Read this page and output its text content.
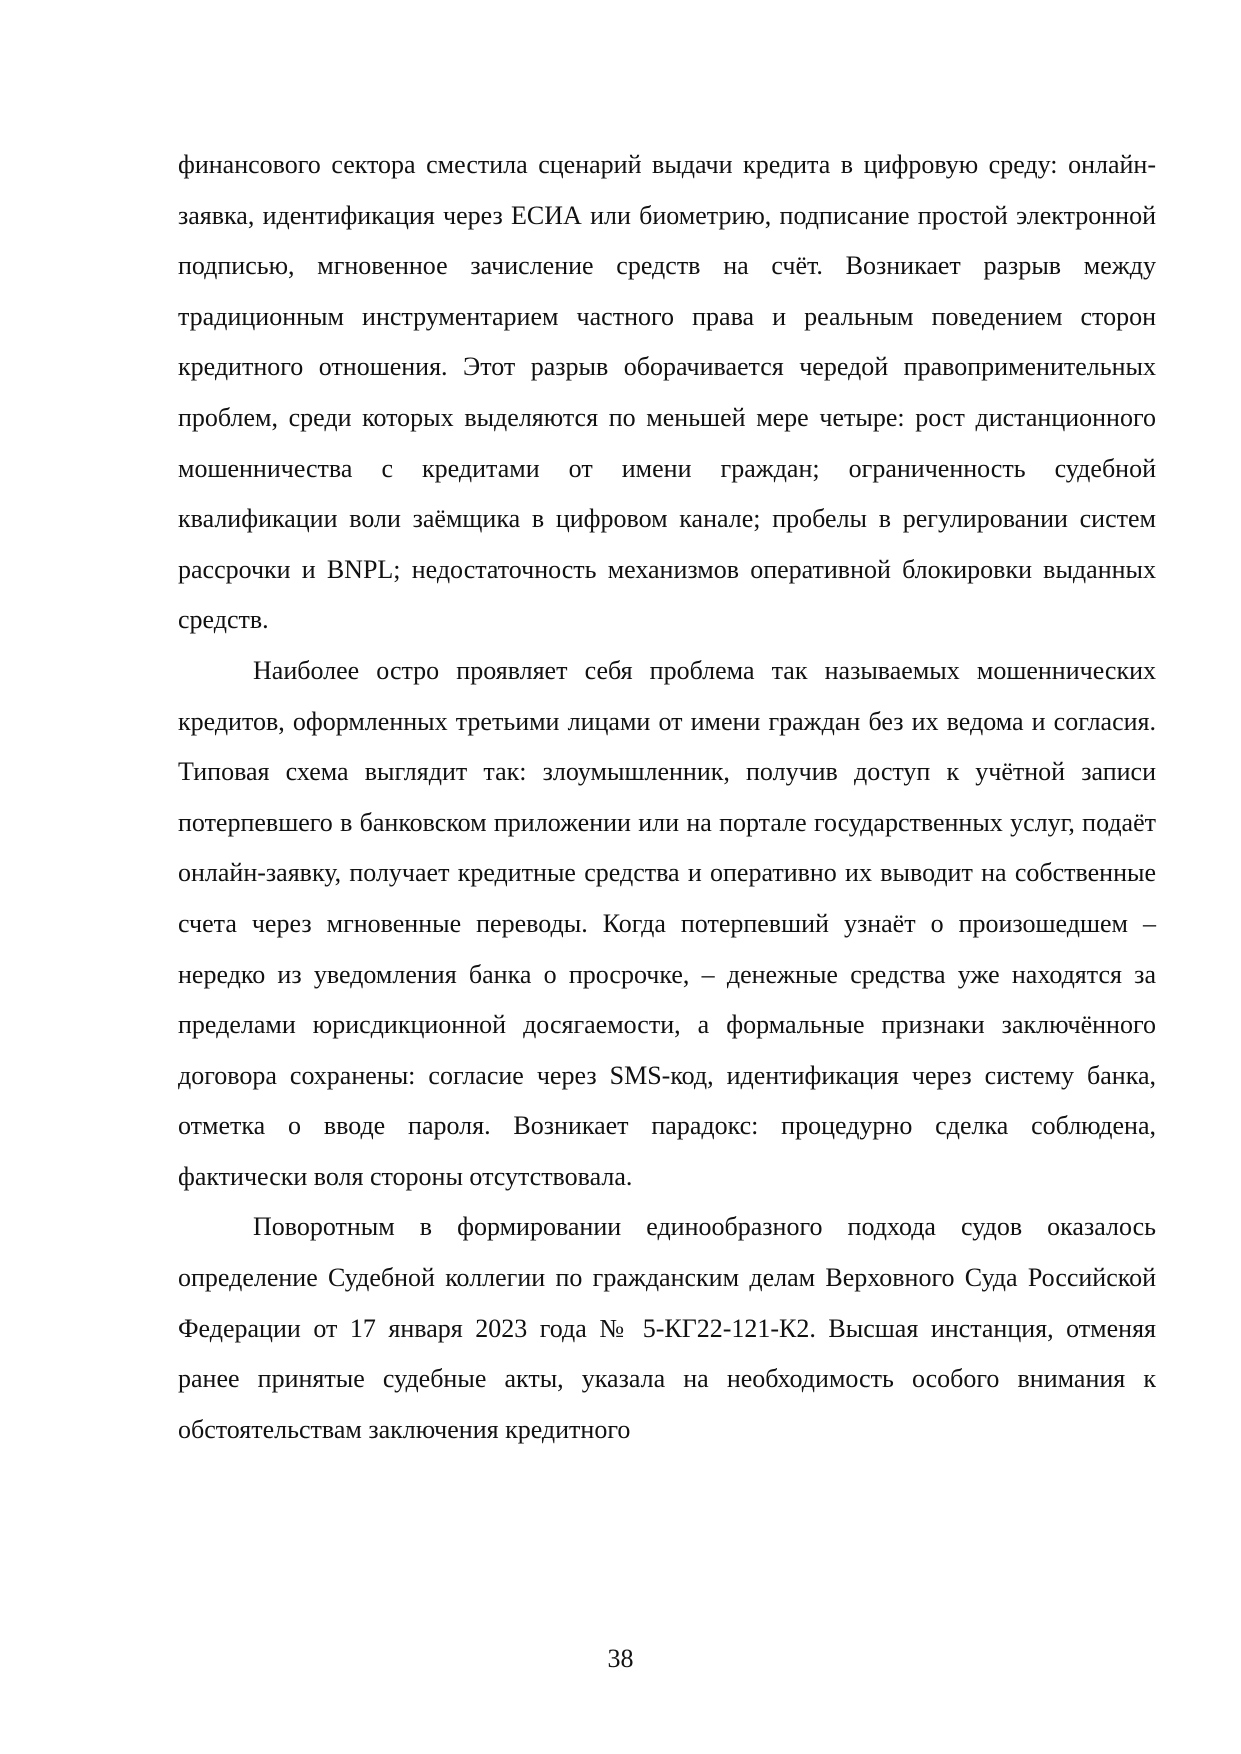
финансового сектора сместила сценарий выдачи кредита в цифровую среду: онлайн-заявка, идентификация через ЕСИА или биометрию, подписание простой электронной подписью, мгновенное зачисление средств на счёт. Возникает разрыв между традиционным инструментарием частного права и реальным поведением сторон кредитного отношения. Этот разрыв оборачивается чередой правоприменительных проблем, среди которых выделяются по меньшей мере четыре: рост дистанционного мошенничества с кредитами от имени граждан; ограниченность судебной квалификации воли заёмщика в цифровом канале; пробелы в регулировании систем рассрочки и BNPL; недостаточность механизмов оперативной блокировки выданных средств.

Наиболее остро проявляет себя проблема так называемых мошеннических кредитов, оформленных третьими лицами от имени граждан без их ведома и согласия. Типовая схема выглядит так: злоумышленник, получив доступ к учётной записи потерпевшего в банковском приложении или на портале государственных услуг, подаёт онлайн-заявку, получает кредитные средства и оперативно их выводит на собственные счета через мгновенные переводы. Когда потерпевший узнаёт о произошедшем – нередко из уведомления банка о просрочке, – денежные средства уже находятся за пределами юрисдикционной досягаемости, а формальные признаки заключённого договора сохранены: согласие через SMS-код, идентификация через систему банка, отметка о вводе пароля. Возникает парадокс: процедурно сделка соблюдена, фактически воля стороны отсутствовала.

Поворотным в формировании единообразного подхода судов оказалось определение Судебной коллегии по гражданским делам Верховного Суда Российской Федерации от 17 января 2023 года № 5-КГ22-121-К2. Высшая инстанция, отменяя ранее принятые судебные акты, указала на необходимость особого внимания к обстоятельствам заключения кредитного

38
